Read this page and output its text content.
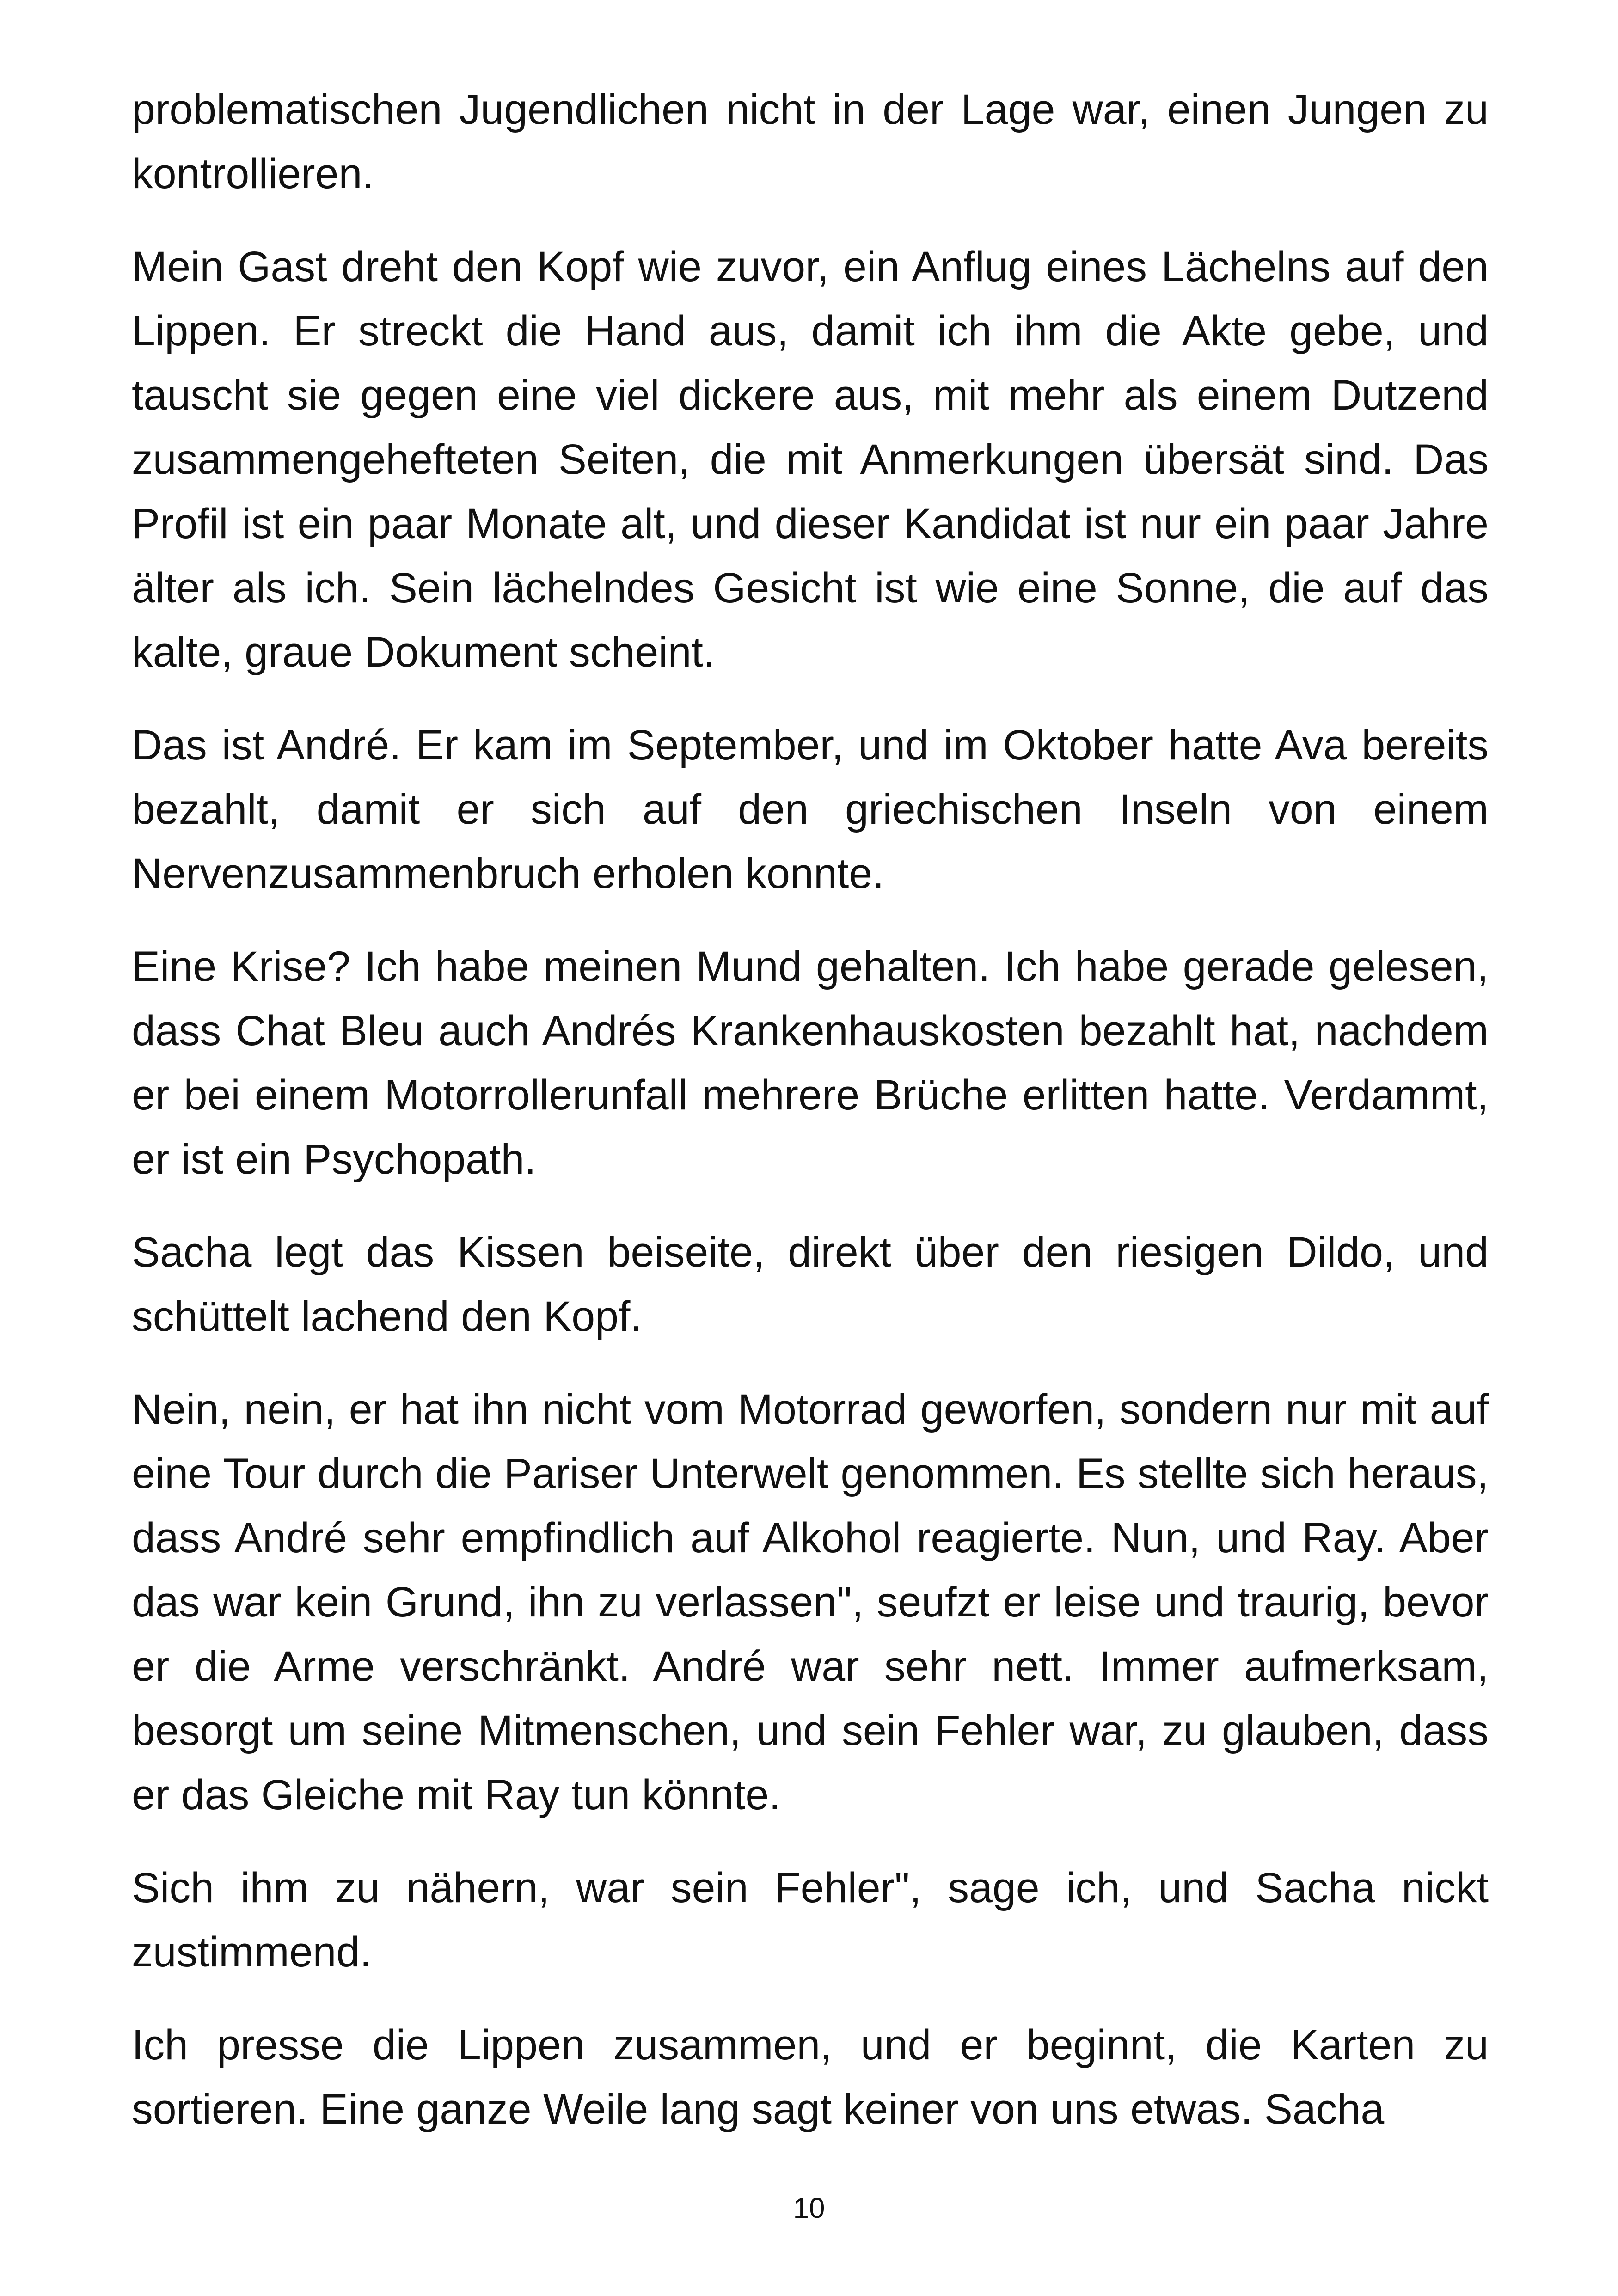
problematischen Jugendlichen nicht in der Lage war, einen Jungen zu kontrollieren.

Mein Gast dreht den Kopf wie zuvor, ein Anflug eines Lächelns auf den Lippen. Er streckt die Hand aus, damit ich ihm die Akte gebe, und tauscht sie gegen eine viel dickere aus, mit mehr als einem Dutzend zusammengehefteten Seiten, die mit Anmerkungen übersät sind. Das Profil ist ein paar Monate alt, und dieser Kandidat ist nur ein paar Jahre älter als ich. Sein lächelndes Gesicht ist wie eine Sonne, die auf das kalte, graue Dokument scheint.

Das ist André. Er kam im September, und im Oktober hatte Ava bereits bezahlt, damit er sich auf den griechischen Inseln von einem Nervenzusammenbruch erholen konnte.

Eine Krise? Ich habe meinen Mund gehalten. Ich habe gerade gelesen, dass Chat Bleu auch Andrés Krankenhauskosten bezahlt hat, nachdem er bei einem Motorrollerunfall mehrere Brüche erlitten hatte. Verdammt, er ist ein Psychopath.

Sacha legt das Kissen beiseite, direkt über den riesigen Dildo, und schüttelt lachend den Kopf.

Nein, nein, er hat ihn nicht vom Motorrad geworfen, sondern nur mit auf eine Tour durch die Pariser Unterwelt genommen. Es stellte sich heraus, dass André sehr empfindlich auf Alkohol reagierte. Nun, und Ray. Aber das war kein Grund, ihn zu verlassen", seufzt er leise und traurig, bevor er die Arme verschränkt. André war sehr nett. Immer aufmerksam, besorgt um seine Mitmenschen, und sein Fehler war, zu glauben, dass er das Gleiche mit Ray tun könnte.

Sich ihm zu nähern, war sein Fehler", sage ich, und Sacha nickt zustimmend.

Ich presse die Lippen zusammen, und er beginnt, die Karten zu sortieren. Eine ganze Weile lang sagt keiner von uns etwas. Sacha

10
